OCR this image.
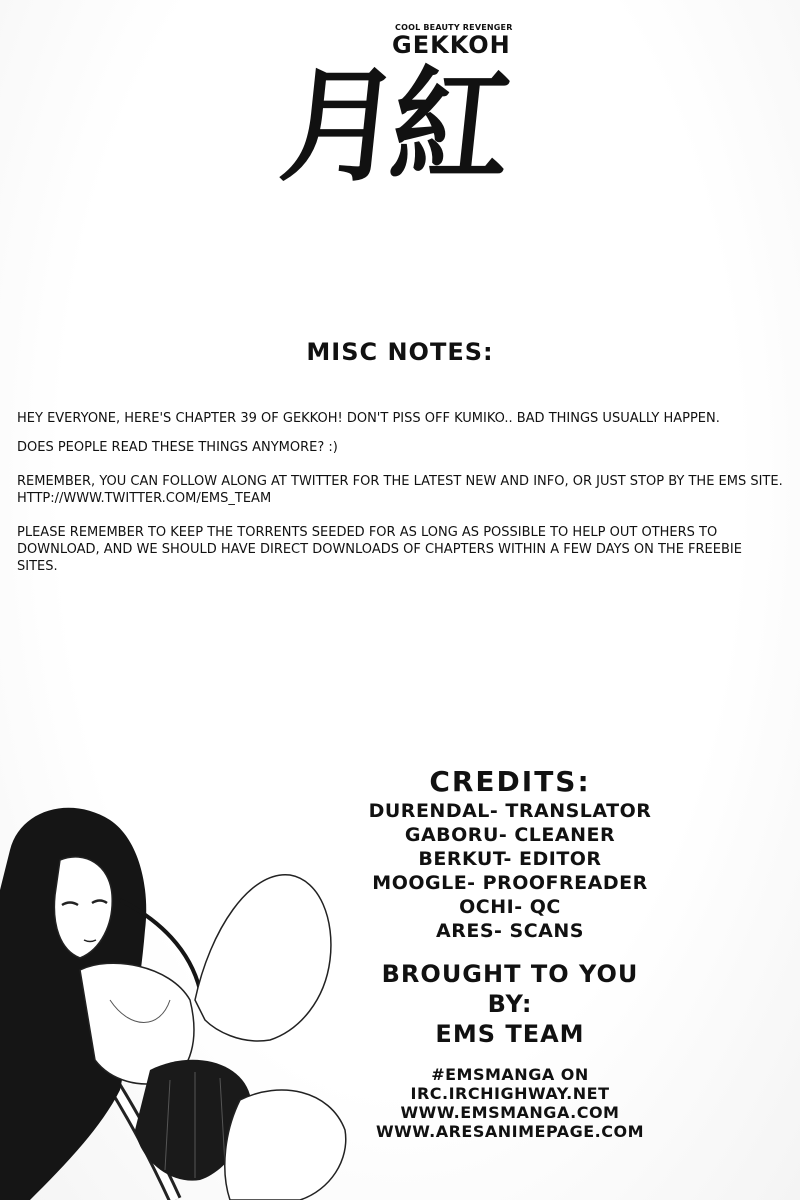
COOL BEAUTY REVENGER
GEKKOH
月紅
MISC NOTES:

HEY EVERYONE, HERE'S CHAPTER 39 OF GEKKOH! DON'T PISS OFF KUMIKO.. BAD THINGS USUALLY HAPPEN.

DOES PEOPLE READ THESE THINGS ANYMORE? :)

REMEMBER, YOU CAN FOLLOW ALONG AT TWITTER FOR THE LATEST NEW AND INFO, OR JUST STOP BY THE EMS SITE. HTTP://WWW.TWITTER.COM/EMS_TEAM

PLEASE REMEMBER TO KEEP THE TORRENTS SEEDED FOR AS LONG AS POSSIBLE TO HELP OUT OTHERS TO DOWNLOAD, AND WE SHOULD HAVE DIRECT DOWNLOADS OF CHAPTERS WITHIN A FEW DAYS ON THE FREEBIE SITES.

CREDITS:
DURENDAL- TRANSLATOR
GABORU- CLEANER
BERKUT- EDITOR
MOOGLE- PROOFREADER
OCHI- QC
ARES- SCANS
BROUGHT TO YOU
BY:
EMS TEAM
#EMSMANGA ON
IRC.IRCHIGHWAY.NET
WWW.EMSMANGA.COM
WWW.ARESANIMEPAGE.COM
